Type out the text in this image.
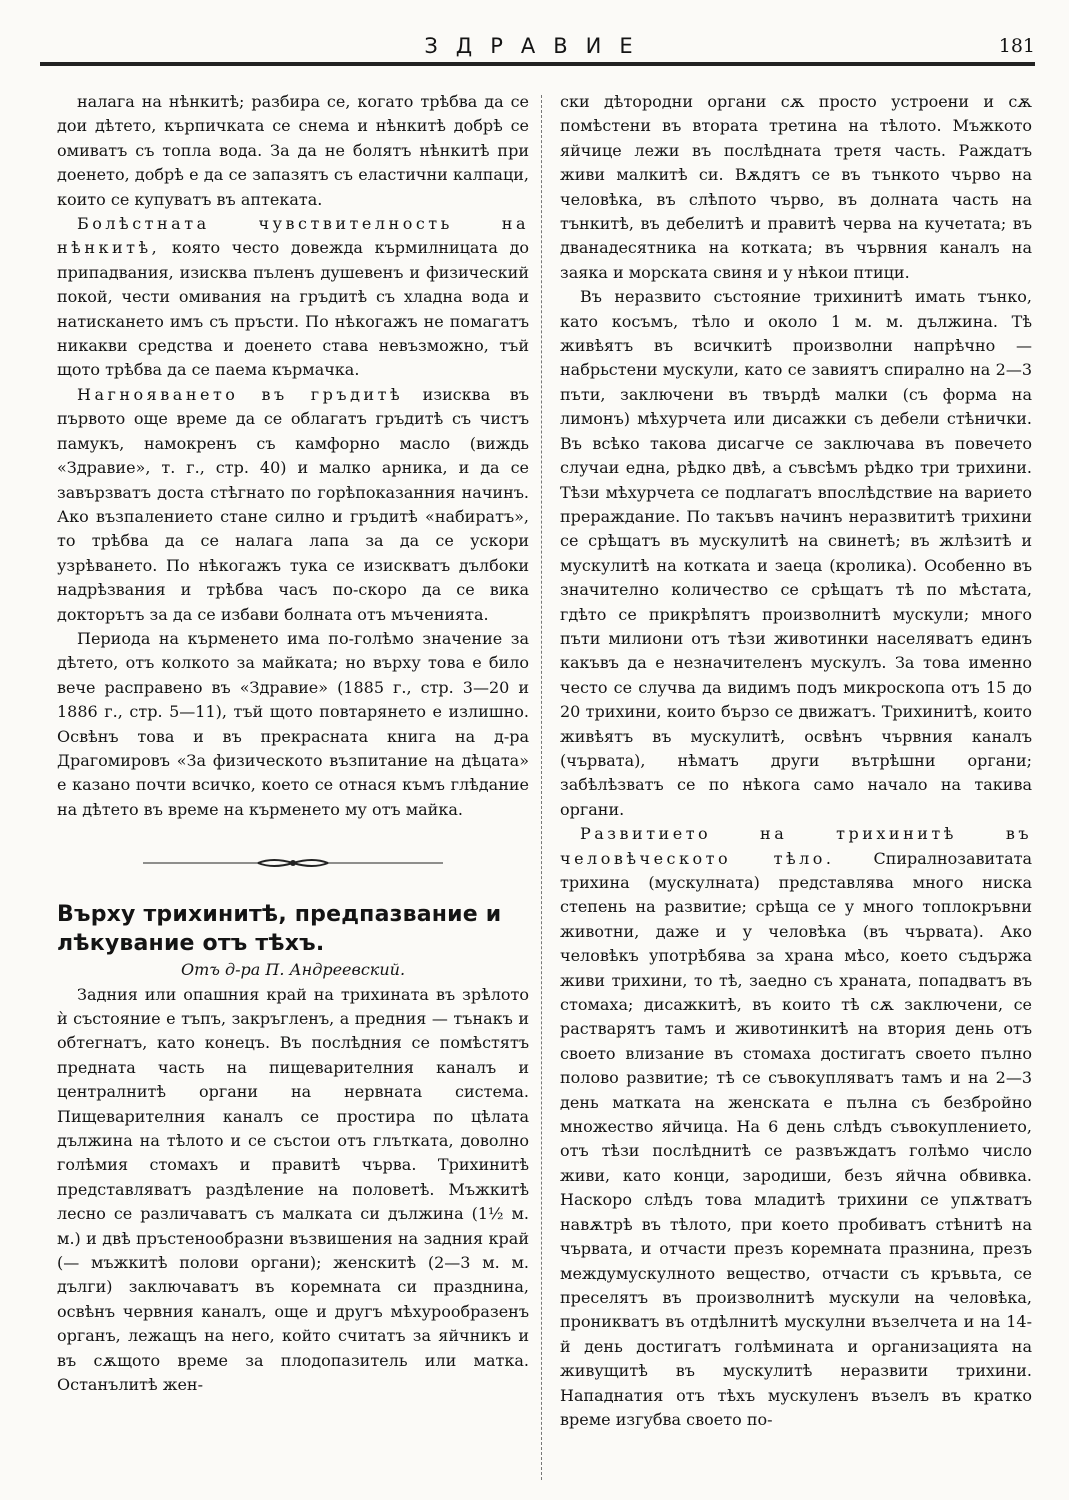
ЗДРАВИЕ	181

налага на нѣнкитѣ; разбира се, когато трѣбва да се дои дѣтето, кърпичката се снема и нѣнкитѣ добрѣ се омиватъ съ топла вода. За да не болятъ нѣнкитѣ при доенето, добрѣ е да се запазятъ съ еластични калпаци, които се купуватъ въ аптеката.

Болѣстната чувствителность на нѣнкитѣ, която често довежда кърмилницата до припадвания, изисква пъленъ душевенъ и физический покой, чести омивания на гръдитѣ съ хладна вода и натискането имъ съ пръсти. По нѣкогажъ не помагатъ никакви средства и доенето става невъзможно, тъй щото трѣбва да се паема кърмачка.

Нагнояването въ гръдитѣ изисква въ първото още време да се облагатъ гръдитѣ съ чистъ памукъ, намокренъ съ камфорно масло (виждь «Здравие», т. г., стр. 40) и малко арника, и да се завързватъ доста стѣгнато по горѣпоказанния начинъ. Ако възпалението стане силно и гръдитѣ «набиратъ», то трѣбва да се налага лапа за да се ускори узрѣването. По нѣкогажъ тука се изискватъ дълбоки надрѣзвания и трѣбва часъ по-скоро да се вика докторътъ за да се избави болната отъ мъченията.

Периода на кърменето има по-голѣмо значение за дѣтето, отъ колкото за майката; но върху това е било вече расправено въ «Здравие» (1885 г., стр. 3—20 и 1886 г., стр. 5—11), тъй щото повтарянето е излишно. Освѣнъ това и въ прекрасната книга на д-ра Драгомировъ «За физическото възпитание на дѣцата» е казано почти всичко, което се отнася къмъ глѣдание на дѣтето въ време на кърменето му отъ майка.

Върху трихинитѣ, предпазвание и лѣкувание отъ тѣхъ.

Отъ д-ра П. Андреевский.

Задния или опашния край на трихината въ зрѣлото ѝ състояние е тъпъ, закръгленъ, а предния — тънакъ и обтегнатъ, като конецъ. Въ послѣдния се помѣстятъ предната часть на пищеварителния каналъ и централнитѣ органи на нервната система. Пищеварителния каналъ се простира по цѣлата дължина на тѣлото и се състои отъ глътката, доволно голѣмия стомахъ и правитѣ чърва. Трихинитѣ представляватъ раздѣление на половетѣ. Мъжкитѣ лесно се различаватъ съ малката си дължина (1½ м. м.) и двѣ пръстенообразни възвишения на задния край (— мъжкитѣ полови органи); женскитѣ (2—3 м. м. дълги) заключаватъ въ коремната си празднина, освѣнъ червния каналъ, още и другъ мѣхурообразенъ органъ, лежащъ на него, който считатъ за яйчникъ и въ сѫщото време за плодопазитель или матка. Останълитѣ жен-

ски дѣтородни органи сѫ просто устроени и сѫ помѣстени въ втората третина на тѣлото. Мъжкото яйчице лежи въ послѣдната третя часть. Раждатъ живи малкитѣ си. Вѫдятъ се въ тънкото чърво на человѣка, въ слѣпото чърво, въ долната часть на тънкитѣ, въ дебелитѣ и правитѣ черва на кучетата; въ дванадесятника на котката; въ чървния каналъ на заяка и морската свиня и у нѣкои птици.

Въ неразвито състояние трихинитѣ имать тънко, като косъмъ, тѣло и около 1 м. м. дължина. Тѣ живѣятъ въ всичкитѣ произволни напрѣчно — набрьстени мускули, като се завиятъ спирално на 2—3 пъти, заключени въ твърдѣ малки (съ форма на лимонъ) мѣхурчета или дисажки съ дебели стѣнички. Въ всѣко такова дисагче се заключава въ повечето случаи една, рѣдко двѣ, а съвсѣмъ рѣдко три трихини. Тѣзи мѣхурчета се подлагатъ впослѣдствие на варието прераждание. По такъвъ начинъ неразвититѣ трихини се срѣщатъ въ мускулитѣ на свинетѣ; въ жлѣзитѣ и мускулитѣ на котката и заеца (кролика). Особенно въ значително количество се срѣщатъ тѣ по мѣстата, гдѣто се прикрѣпятъ произволнитѣ мускули; много пъти милиони отъ тѣзи животинки населяватъ единъ какъвъ да е незначителенъ мускулъ. За това именно често се случва да видимъ подъ микроскопа отъ 15 до 20 трихини, които бързо се движатъ. Трихинитѣ, които живѣятъ въ мускулитѣ, освѣнъ чървния каналъ (чървата), нѣматъ други вътрѣшни органи; забѣлѣзватъ се по нѣкога само начало на такива органи.

Развитието на трихинитѣ въ человѣческото тѣло. Спиралнозавитата трихина (мускулната) представлява много ниска степень на развитие; срѣща се у много топлокръвни животни, даже и у человѣка (въ чървата). Ако человѣкъ употрѣбява за храна мѣсо, което съдържа живи трихини, то тѣ, заедно съ храната, попадватъ въ стомаха; дисажкитѣ, въ които тѣ сѫ заключени, се растварятъ тамъ и животинкитѣ на втория день отъ своето влизание въ стомаха достигатъ своето пълно полово развитие; тѣ се съвокупляватъ тамъ и на 2—3 день матката на женската е пълна съ безбройно множество яйчица. На 6 день слѣдъ съвокуплението, отъ тѣзи послѣднитѣ се развъждатъ голѣмо число живи, като конци, зародиши, безъ яйчна обвивка. Наскоро слѣдъ това младитѣ трихини се упѫтватъ навѫтрѣ въ тѣлото, при което пробиватъ стѣнитѣ на чървата, и отчасти презъ коремната празнина, презъ междумускулното вещество, отчасти съ кръвьта, се преселятъ въ произволнитѣ мускули на человѣка, проникватъ въ отдѣлнитѣ мускулни възелчета и на 14-й день достигатъ голѣмината и организацията на живущитѣ въ мускулитѣ неразвити трихини. Нападнатия отъ тѣхъ мускуленъ възелъ въ кратко време изгубва своето по-
